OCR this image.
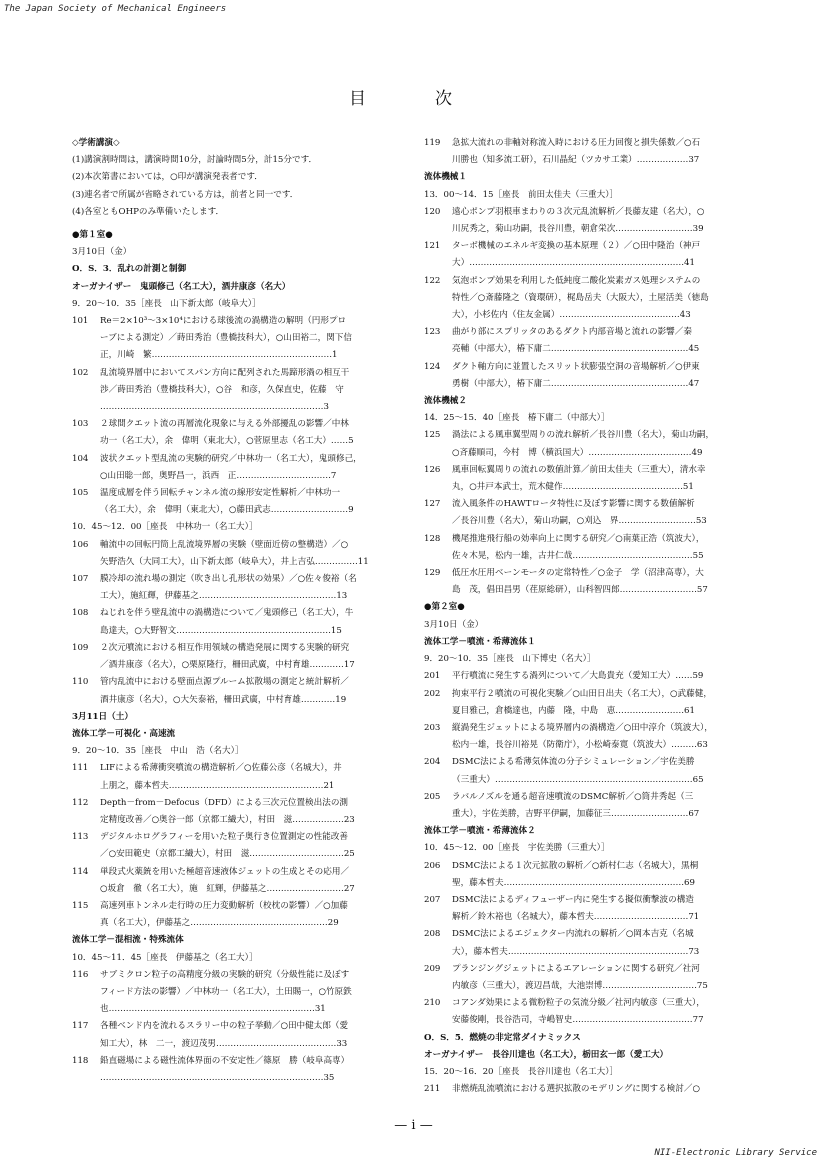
The Japan Society of Mechanical Engineers
目　次
◇学術講演◇
(1)講演割時間は，講演時間10分，討論時間5分，計15分です．
(2)本次第書においては，○印が講演発表者です．
(3)連名者で所属が省略されている方は，前者と同一です．
(4)各室ともOHPのみ準備いたします．
●第１室●
3月10日（金）
O．S．3．乱れの計測と制御
オーガナイザー　鬼頭修己（名工大），酒井康彦（名大）
9．20〜10．35［座長　山下新太郎（岐阜大）］
101	Re＝2×10³〜3×10⁴における球後流の渦構造の解明（円形プロ
ーブによる測定）／蒔田秀治（豊橋技科大），○山田裕二，関下信
正，川崎　繁………………………………………………………1
102	乱流境界層中においてスパン方向に配列された馬蹄形渦の相互干
渉／蒔田秀治（豊橋技科大），○谷　和彦，久保直史，佐藤　守
……………………………………………………………………3
103	２球間クエット流の再層流化現象に与える外部擾乱の影響／中林
功一（名工大），余　偉明（東北大），○菅原里志（名工大）……5
104	波状クエット型乱流の実験的研究／中林功一（名工大），鬼頭修己，
○山田聡一郎，奥野昌一，浜西　正……………………………7
105	温度成層を伴う回転チャンネル流の線形安定性解析／中林功一
（名工大），余　偉明（東北大），○藤田武志………………………9
10．45〜12．00［座長　中林功一（名工大）］
106	軸流中の回転円筒上乱流境界層の実験（壁面近傍の整構造）／○
矢野浩久（大同工大），山下新太郎（岐阜大），井上吉弘……………11
107	膜冷却の流れ場の測定（吹き出し孔形状の効果）／○佐々俊裕（名
工大），施紅輝，伊藤基之…………………………………………13
108	ねじれを伴う壁乱流中の渦構造について／鬼頭修己（名工大），牛
島達夫，○大野智文………………………………………………15
109	２次元噴流における相互作用領域の構造発展に関する実験的研究
／酒井康彦（名大），○栗原隆行，柵田武廣，中村育雄…………17
110	管内乱流中における壁面点源プルーム拡散場の測定と統計解析／
酒井康彦（名大），○大矢泰裕，柵田武廣，中村育雄…………19
3月11日（土）
流体工学－可視化・高速流
9．20〜10．35［座長　中山　浩（名大）］
111	LIFによる希薄衝突噴流の構造解析／○佐藤公彦（名城大），井
上朋之，藤本哲夫………………………………………………21
112	Depth－from－Defocus（DFD）による三次元位置検出法の測
定精度改善／○奥谷一郎（京都工繊大），村田　滋………………23
113	デジタルホログラフィーを用いた粒子奥行き位置測定の性能改善
／○安田範史（京都工繊大），村田　滋……………………………25
114	単段式火薬銃を用いた極超音速液体ジェットの生成とその応用／
○坂倉　徹（名工大），施　紅輝，伊藤基之………………………27
115	高速列車トンネル走行時の圧力変動解析（校枕の影響）／○加藤
真（名工大），伊藤基之…………………………………………29
流体工学－混相流・特殊流体
10．45〜11．45［座長　伊藤基之（名工大）］
116	サブミクロン粒子の高精度分級の実験的研究（分級性能に及ぼす
フィード方法の影響）／中林功一（名工大），土田賜一，○竹原鉄
也………………………………………………………………31
117	各種ベンド内を流れるスラリー中の粒子挙動／○田中健太郎（愛
知工大），林　二一，渡辺茂男……………………………………33
118	鉛直磁場による磁性流体界面の不安定性／篠原　勝（岐阜高専）
……………………………………………………………………35
119	急拡大流れの非軸対称流入時における圧力回復と損失係数／○石
川勝也（知多流工研），石川晶紀（ツカサ工業）………………37
流体機械１
13．00〜14．15［座長　前田太佳夫（三重大）］
120	遠心ポンプ羽根車まわりの３次元乱流解析／長藤友建（名大），○
川尻秀之，菊山功嗣，長谷川豊，朝倉栄次………………………39
121	ターボ機械のエネルギ変換の基本原理（２）／○田中隆治（神戸
大）…………………………………………………………………41
122	気泡ポンプ効果を利用した低純度二酸化炭素ガス処理システムの
特性／○斎藤隆之（資環研），梶島岳夫（大阪大），土屋活美（徳島
大），小杉佐内（住友金属）……………………………………43
123	曲がり部にスプリッタのあるダクト内部音場と流れの影響／秦
亮輔（中部大），椿下庸二…………………………………………45
124	ダクト軸方向に並置したスリット状膨張空洞の音場解析／○伊東
勇樹（中部大），椿下庸二…………………………………………47
流体機械２
14．25〜15．40［座長　椿下庸二（中部大）］
125	渦法による風車翼型周りの流れ解析／長谷川豊（名大），菊山功嗣，
○斉藤順司，今村　博（横浜国大）………………………………49
126	風車回転翼周りの流れの数値計算／前田太佳夫（三重大），清水幸
丸，○井戸本武士，荒木健作……………………………………51
127	流入風条件のHAWTロータ特性に及ぼす影響に関する数値解析
／長谷川豊（名大），菊山功嗣，○刈込　界………………………53
128	機尾推進飛行船の効率向上に関する研究／○南葉正浩（筑波大），
佐々木晃，松内一雄，古井仁哉……………………………………55
129	低圧水圧用ベーンモータの定常特性／○金子　学（沼津高専），大
島　茂，倡田昌男（荏原総研），山科智四郎………………………57
●第２室●
3月10日（金）
流体工学－噴流・希薄流体１
9．20〜10．35［座長　山下博史（名大）］
201	平行噴流に発生する渦列について／大島貴充（愛知工大）……59
202	拘束平行２噴流の可視化実験／○山田日出夫（名工大），○武藤健，
夏目雅己，倉橋達也，内藤　隆，中島　恵……………………61
203	縦渦発生ジェットによる境界層内の渦構造／○田中淳介（筑波大），
松内一雄，長谷川裕晃（防衛庁），小松崎泰寛（筑波大）………63
204	DSMC法による希薄気体流の分子シミュレーション／宇佐美勝
（三重大）……………………………………………………………65
205	ラバルノズルを通る超音速噴流のDSMC解析／○筒井秀起（三
重大），宇佐美勝，吉野平伊嗣，加藤征三………………………67
流体工学－噴流・希薄流体２
10．45〜12．00［座長　宇佐美勝（三重大）］
206	DSMC法による１次元拡散の解析／○新村仁志（名城大），黒桐
聖，藤本哲夫………………………………………………………69
207	DSMC法によるディフューザー内に発生する擬似衝撃波の構造
解析／鈴木裕也（名城大），藤本哲夫……………………………71
208	DSMC法によるエジェクター内流れの解析／○岡本吉克（名城
大），藤本哲夫………………………………………………………73
209	プランジングジェットによるエアレーションに関する研究／社河
内敏彦（三重大），渡辺昌哉，大池崇博……………………………75
210	コアンダ効果による微粉粒子の気流分級／社河内敏彦（三重大），
安藤俊剛，長谷浩司，寺嶋智史……………………………………77
O．S．5．燃焼の非定常ダイナミックス
オーガナイザー　長谷川達也（名工大），栃田玄一郎（愛工大）
15．20〜16．20［座長　長谷川達也（名工大）］
211	非燃焼乱流噴流における選択拡散のモデリングに関する検討／○
— i —
NII-Electronic Library Service
